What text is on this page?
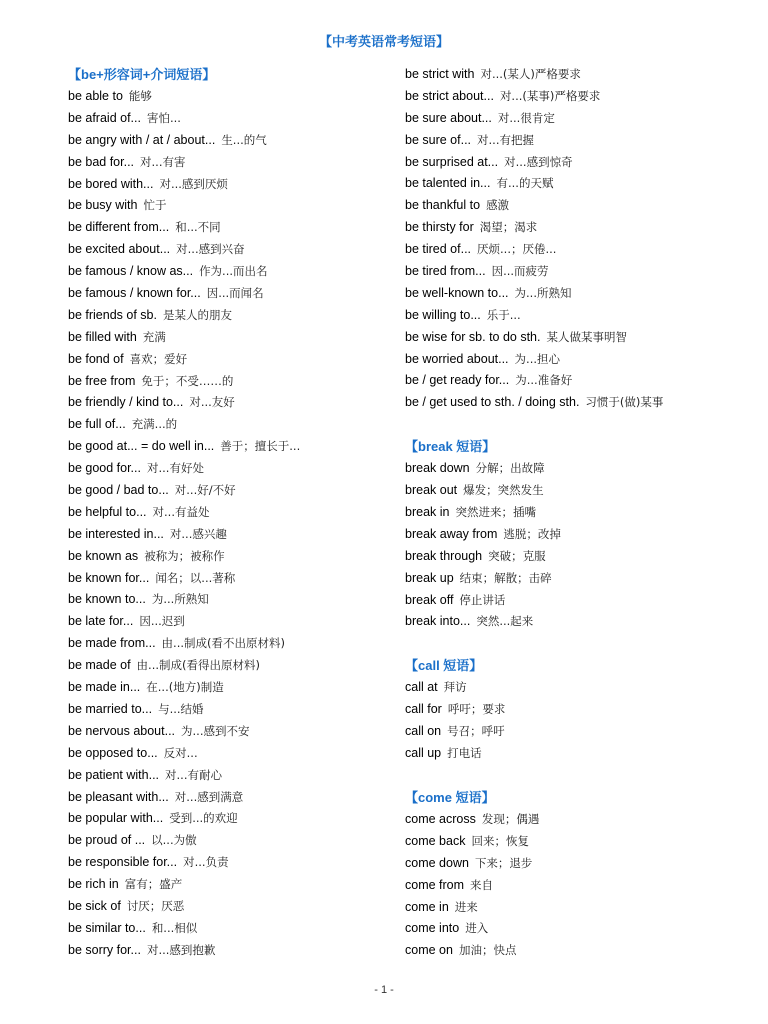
【中考英语常考短语】
【be+形容词+介词短语】
be able to 能够
be afraid of... 害怕...
be angry with / at / about... 生...的气
be bad for... 对...有害
be bored with... 对...感到厌烦
be busy with 忙于
be different from... 和...不同
be excited about... 对...感到兴奋
be famous / know as... 作为...而出名
be famous / known for... 因...而闻名
be friends of sb. 是某人的朋友
be filled with 充满
be fond of 喜欢；爱好
be free from 免于；不受……的
be friendly / kind to... 对...友好
be full of... 充满...的
be good at... = do well in... 善于；擅长于...
be good for... 对...有好处
be good / bad to... 对...好/不好
be helpful to... 对...有益处
be interested in... 对...感兴趣
be known as 被称为；被称作
be known for... 闻名；以...著称
be known to... 为...所熟知
be late for... 因...迟到
be made from... 由...制成(看不出原材料)
be made of 由...制成(看得出原材料)
be made in... 在...(地方)制造
be married to... 与...结婚
be nervous about... 为...感到不安
be opposed to... 反对...
be patient with... 对...有耐心
be pleasant with... 对...感到满意
be popular with... 受到...的欢迎
be proud of ... 以...为傲
be responsible for... 对...负责
be rich in 富有；盛产
be sick of 讨厌；厌恶
be similar to... 和...相似
be sorry for... 对...感到抱歉
be strict with 对...(某人)严格要求
be strict about... 对...(某事)严格要求
be sure about... 对...很肯定
be sure of... 对...有把握
be surprised at... 对...感到惊奇
be talented in... 有...的天赋
be thankful to 感激
be thirsty for 渴望；渴求
be tired of... 厌烦...；厌倦...
be tired from... 因...而疲劳
be well-known to... 为...所熟知
be willing to... 乐于...
be wise for sb. to do sth. 某人做某事明智
be worried about... 为...担心
be / get ready for... 为...准备好
be / get used to sth. / doing sth. 习惯于(做)某事
【break 短语】
break down 分解；出故障
break out 爆发；突然发生
break in 突然进来；插嘴
break away from 逃脱；改掉
break through 突破；克服
break up 结束；解散；击碎
break off 停止讲话
break into... 突然...起来
【call 短语】
call at 拜访
call for 呼吁；要求
call on 号召；呼吁
call up 打电话
【come 短语】
come across 发现；偶遇
come back 回来；恢复
come down 下来；退步
come from 来自
come in 进来
come into 进入
come on 加油；快点
- 1 -
